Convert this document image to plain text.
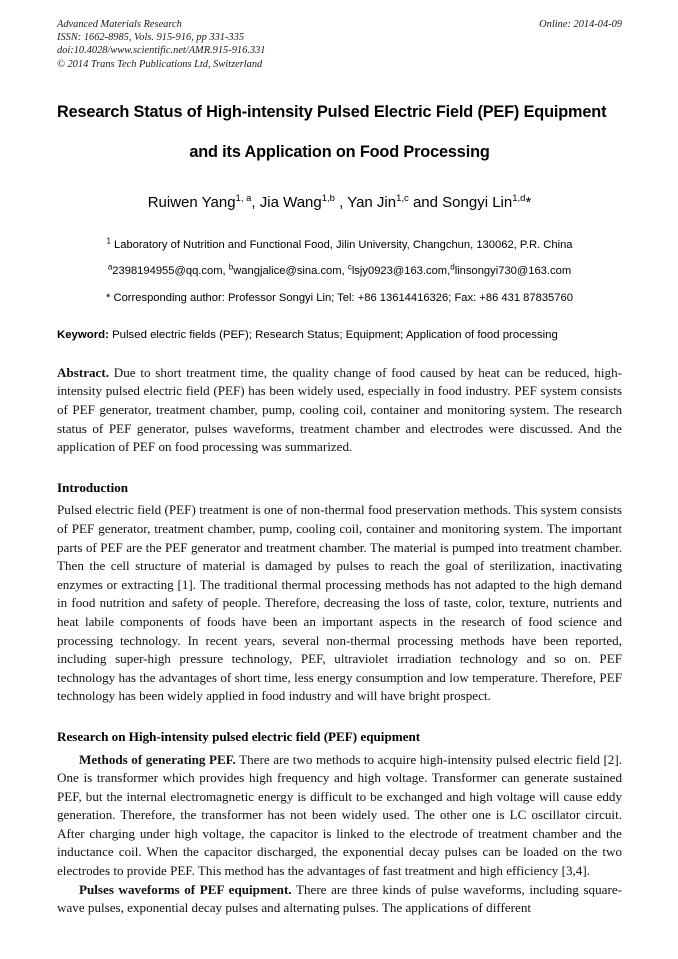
Advanced Materials Research
ISSN: 1662-8985, Vols. 915-916, pp 331-335
doi:10.4028/www.scientific.net/AMR.915-916.331
© 2014 Trans Tech Publications Ltd, Switzerland
Online: 2014-04-09
Research Status of High-intensity Pulsed Electric Field (PEF) Equipment
and its Application on Food Processing
Ruiwen Yang$^{1, a}$, Jia Wang$^{1,b}$ , Yan Jin$^{1,c}$ and Songyi Lin$^{1,d}$*
$^1$ Laboratory of Nutrition and Functional Food, Jilin University, Changchun, 130062, P.R. China
$^a$2398194955@qq.com, $^b$wangjalice@sina.com, $^c$lsjy0923@163.com,$^d$linsongyi730@163.com
* Corresponding author: Professor Songyi Lin; Tel: +86 13614416326; Fax: +86 431 87835760
Keyword: Pulsed electric fields (PEF); Research Status; Equipment; Application of food processing
Abstract. Due to short treatment time, the quality change of food caused by heat can be reduced, high-intensity pulsed electric field (PEF) has been widely used, especially in food industry. PEF system consists of PEF generator, treatment chamber, pump, cooling coil, container and monitoring system. The research status of PEF generator, pulses waveforms, treatment chamber and electrodes were discussed. And the application of PEF on food processing was summarized.
Introduction

Pulsed electric field (PEF) treatment is one of non-thermal food preservation methods. This system consists of PEF generator, treatment chamber, pump, cooling coil, container and monitoring system. The important parts of PEF are the PEF generator and treatment chamber. The material is pumped into treatment chamber. Then the cell structure of material is damaged by pulses to reach the goal of sterilization, inactivating enzymes or extracting [1]. The traditional thermal processing methods has not adapted to the high demand in food nutrition and safety of people. Therefore, decreasing the loss of taste, color, texture, nutrients and heat labile components of foods have been an important aspects in the research of food science and processing technology. In recent years, several non-thermal processing methods have been reported, including super-high pressure technology, PEF, ultraviolet irradiation technology and so on. PEF technology has the advantages of short time, less energy consumption and low temperature. Therefore, PEF technology has been widely applied in food industry and will have bright prospect.

Research on High-intensity pulsed electric field (PEF) equipment

Methods of generating PEF. There are two methods to acquire high-intensity pulsed electric field [2]. One is transformer which provides high frequency and high voltage. Transformer can generate sustained PEF, but the internal electromagnetic energy is difficult to be exchanged and high voltage will cause eddy generation. Therefore, the transformer has not been widely used. The other one is LC oscillator circuit. After charging under high voltage, the capacitor is linked to the electrode of treatment chamber and the inductance coil. When the capacitor discharged, the exponential decay pulses can be loaded on the two electrodes to provide PEF. This method has the advantages of fast treatment and high efficiency [3,4].

Pulses waveforms of PEF equipment. There are three kinds of pulse waveforms, including square-wave pulses, exponential decay pulses and alternating pulses. The applications of different
